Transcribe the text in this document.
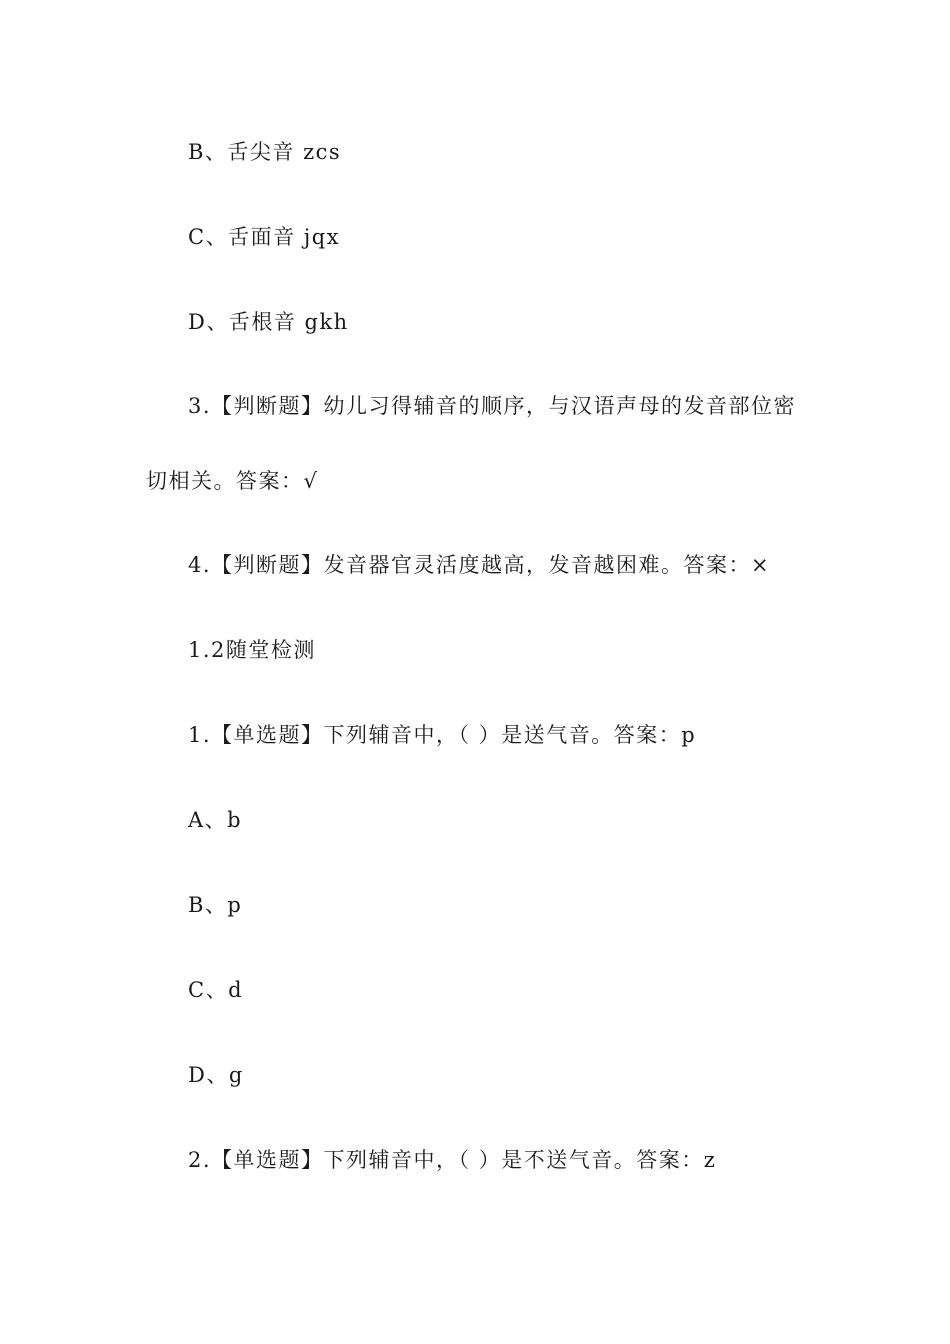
B、舌尖音 zcs
C、舌面音 jqx
D、舌根音 gkh
3.【判断题】幼儿习得辅音的顺序，与汉语声母的发音部位密
切相关。答案：√
4.【判断题】发音器官灵活度越高，发音越困难。答案：×
1.2随堂检测
1.【单选题】下列辅音中，（ ）是送气音。答案：p
A、b
B、p
C、d
D、g
2.【单选题】下列辅音中，（ ）是不送气音。答案：z
